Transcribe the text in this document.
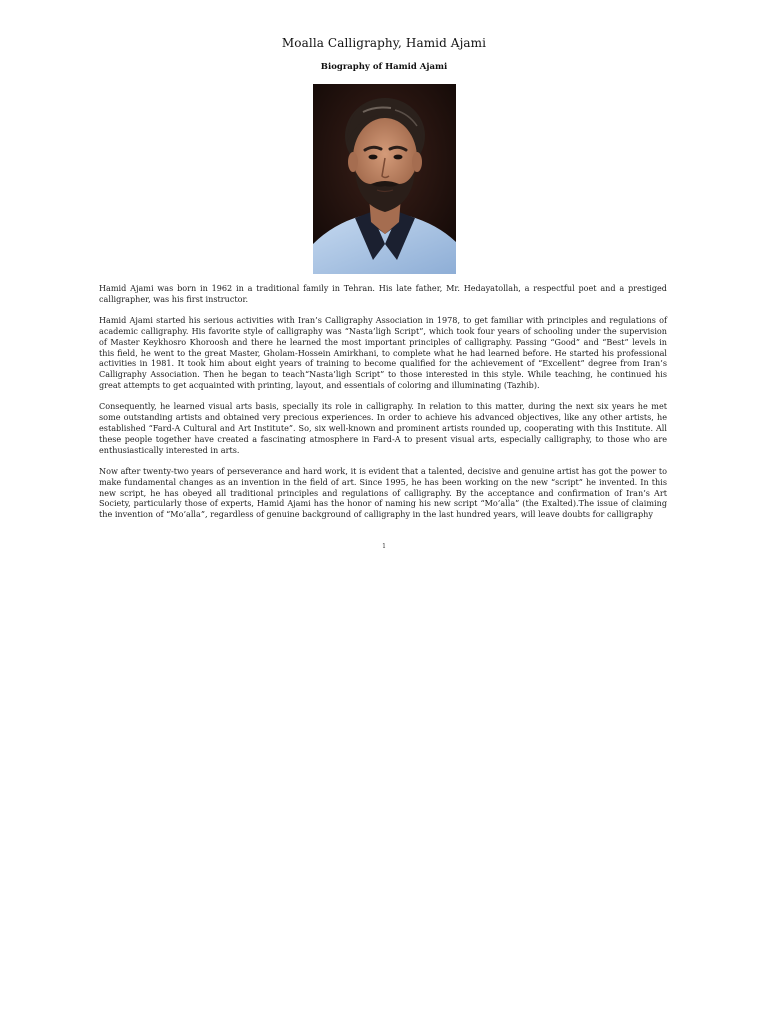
Moalla Calligraphy, Hamid Ajami
Biography of Hamid Ajami

Hamid Ajami was born in 1962 in a traditional family in Tehran. His late father, Mr. Hedayatollah, a respectful poet and a prestiged calligrapher, was his first instructor.

Hamid Ajami started his serious activities with Iran’s Calligraphy Association in 1978, to get familiar with principles and regulations of academic calligraphy. His favorite style of calligraphy was “Nasta’ligh Script”, which took four years of schooling under the supervision of Master Keykhosro Khoroosh and there he learned the most important principles of calligraphy. Passing “Good” and “Best” levels in this field, he went to the great Master, Gholam-Hossein Amirkhani, to complete what he had learned before. He started his professional activities in 1981. It took him about eight years of training to become qualified for the achievement of “Excellent” degree from Iran’s Calligraphy Association. Then he began to teach“Nasta’ligh Script” to those interested in this style. While teaching, he continued his great attempts to get acquainted with printing, layout, and essentials of coloring and illuminating (Tazhib).

Consequently, he learned visual arts basis, specially its role in calligraphy. In relation to this matter, during the next six years he met some outstanding artists and obtained very precious experiences. In order to achieve his advanced objectives, like any other artists, he established “Fard-A Cultural and Art Institute”. So, six well-known and prominent artists rounded up, cooperating with this Institute. All these people together have created a fascinating atmosphere in Fard-A to present visual arts, especially calligraphy, to those who are enthusiastically interested in arts.

Now after twenty-two years of perseverance and hard work, it is evident that a talented, decisive and genuine artist has got the power to make fundamental changes as an invention in the field of art. Since 1995, he has been working on the new “script” he invented. In this new script, he has obeyed all traditional principles and regulations of calligraphy. By the acceptance and confirmation of Iran’s Art Society, particularly those of experts, Hamid Ajami has the honor of naming his new script “Mo’alla” (the Exalted).The issue of claiming the invention of “Mo’alla”, regardless of genuine background of calligraphy in the last hundred years, will leave doubts for calligraphy

1
